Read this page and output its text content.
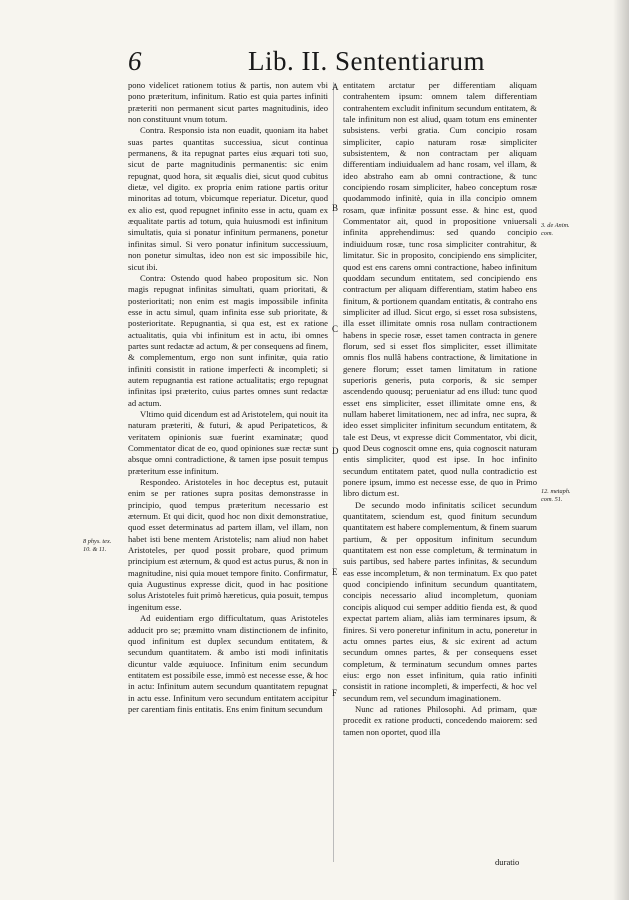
6	Lib. II. Sententiarum

pono videlicet rationem totius & partis, non autem vbi pono præteritum, infinitum. Ratio est quia partes infiniti præteriti non permanent sicut partes magnitudinis, ideo non constituunt vnum totum.

Contra. Responsio ista non euadit, quoniam ita habet suas partes quantitas successiua, sicut continua permanens, & ita repugnat partes eius æquari toti suo, sicut de parte magnitudinis permanentis: sic enim repugnat, quod hora, sit æqualis diei, sicut quod cubitus dietæ, vel digito. ex propria enim ratione partis oritur minoritas ad totum, vbicumque reperiatur. Dicetur, quod ex alio est, quod repugnet infinito esse in actu, quam ex æqualitate partis ad totum, quia huiusmodi est infinitum simultatis, quia si ponatur infinitum permanens, ponetur infinitas simul. Si vero ponatur infinitum successiuum, non ponetur simultas, ideo non est sic impossibile hic, sicut ibi.

Contra: Ostendo quod habeo propositum sic. Non magis repugnat infinitas simultati, quam prioritati, & posterioritati; non enim est magis impossibile infinita esse in actu simul, quam infinita esse sub prioritate, & posterioritate. Repugnantia, si qua est, est ex ratione actualitatis, quia vbi infinitum est in actu, ibi omnes partes sunt redactæ ad actum, & per consequens ad finem, & complementum, ergo non sunt infinitæ, quia ratio infiniti consistit in ratione imperfecti & incompleti; si autem repugnantia est ratione actualitatis; ergo repugnat infinitas ipsi præterito, cuius partes omnes sunt redactæ ad actum.

Vltimo quid dicendum est ad Aristotelem, qui nouit ita naturam præteriti, & futuri, & apud Peripateticos, & veritatem opinionis suæ fuerint examinatæ; quod Commentator dicat de eo, quod opiniones suæ rectæ sunt absque omni contradictione, & tamen ipse posuit tempus præteritum esse infinitum.

Respondeo. Aristoteles in hoc deceptus est, putauit enim se per rationes supra positas demonstrasse in principio, quod tempus præteritum necessario est æternum. Et qui dicit, quod hoc non dixit demonstratiue, quod esset determinatus ad partem illam, vel illam, non habet isti bene mentem Aristotelis; nam aliud non habet Aristoteles, per quod possit probare, quod primum principium est æternum, & quod est actus purus, & non in magnitudine, nisi quia mouet tempore finito. Confirmatur, quia Augustinus expresse dicit, quod in hac positione solus Aristoteles fuit primò hæreticus, quia posuit, tempus ingenitum esse.

Ad euidentiam ergo difficultatum, quas Aristoteles adducit pro se; præmitto vnam distinctionem de infinito, quod infinitum est duplex secundum entitatem, & secundum quantitatem. & ambo isti modi infinitatis dicuntur valde æquiuoce. Infinitum enim secundum entitatem est possibile esse, immò est necesse esse, & hoc in actu: Infinitum autem secundum quantitatem repugnat in actu esse. Infinitum vero secundum entitatem accipitur per carentiam finis entitatis. Ens enim finitum secundum

A
B
C
D
E
F

entitatem arctatur per differentiam aliquam contrahentem ipsum: omnem talem differentiam contrahentem excludit infinitum secundum entitatem, & tale infinitum non est aliud, quam totum ens eminenter subsistens. verbi gratia. Cum concipio rosam simpliciter, capio naturam rosæ simpliciter subsistentem, & non contractam per aliquam differentiam indiuidualem ad hanc rosam, vel illam, & ideo abstraho eam ab omni contractione, & tunc concipiendo rosam simpliciter, habeo conceptum rosæ quodammodo infinitè, quia in illa concipio omnem rosam, quæ infinitæ possunt esse. & hinc est, quod Commentator ait, quod in propositione vniuersali infinita apprehendimus: sed quando concipio indiuiduum rosæ, tunc rosa simpliciter contrahitur, & limitatur. Sic in proposito, concipiendo ens simpliciter, quod est ens carens omni contractione, habeo infinitum quoddam secundum entitatem, sed concipiendo ens contractum per aliquam differentiam, statim habeo ens finitum, & portionem quandam entitatis, & contraho ens simpliciter ad illud. Sicut ergo, si esset rosa subsistens, illa esset illimitate omnis rosa nullam contractionem habens in specie rosæ, esset tamen contracta in genere florum, sed si esset flos simpliciter, esset illimitate omnis flos nullâ habens contractione, & limitatione in genere florum; esset tamen limitatum in ratione superioris generis, puta corporis, & sic semper ascendendo quousq; perueniatur ad ens illud: tunc quod esset ens simpliciter, esset illimitate omne ens, & nullam haberet limitationem, nec ad infra, nec supra, & ideo esset simpliciter infinitum secundum entitatem, & tale est Deus, vt expresse dicit Commentator, vbi dicit, quod Deus cognoscit omne ens, quia cognoscit naturam entis simpliciter, quod est ipse. In hoc infinito secundum entitatem patet, quod nulla contradictio est ponere ipsum, immo est necesse esse, de quo in Primo libro dictum est.

De secundo modo infinitatis scilicet secundum quantitatem, sciendum est, quod finitum secundum quantitatem est habere complementum, & finem suarum partium, & per oppositum infinitum secundum quantitatem est non esse completum, & terminatum in suis partibus, sed habere partes infinitas, & secundum eas esse incompletum, & non terminatum. Ex quo patet quod concipiendo infinitum secundum quantitatem, concipis necessario aliud incompletum, quoniam concipis aliquod cui semper additio fienda est, & quod expectat partem aliam, aliàs iam terminares ipsum, & finires. Si vero poneretur infinitum in actu, poneretur in actu omnes partes eius, & sic exirent ad actum secundum omnes partes, & per consequens esset completum, & terminatum secundum omnes partes eius: ergo non esset infinitum, quia ratio infiniti consistit in ratione incompleti, & imperfecti, & hoc vel secundum rem, vel secundum imaginationem.

Nunc ad rationes Philosophi. Ad primam, quæ procedit ex ratione producti, concedendo maiorem: sed tamen non oportet, quod illa

8 phys. tex.
10. & 11.
3. de Anim.
com.
12. metaph.
com. 51.
duratio
